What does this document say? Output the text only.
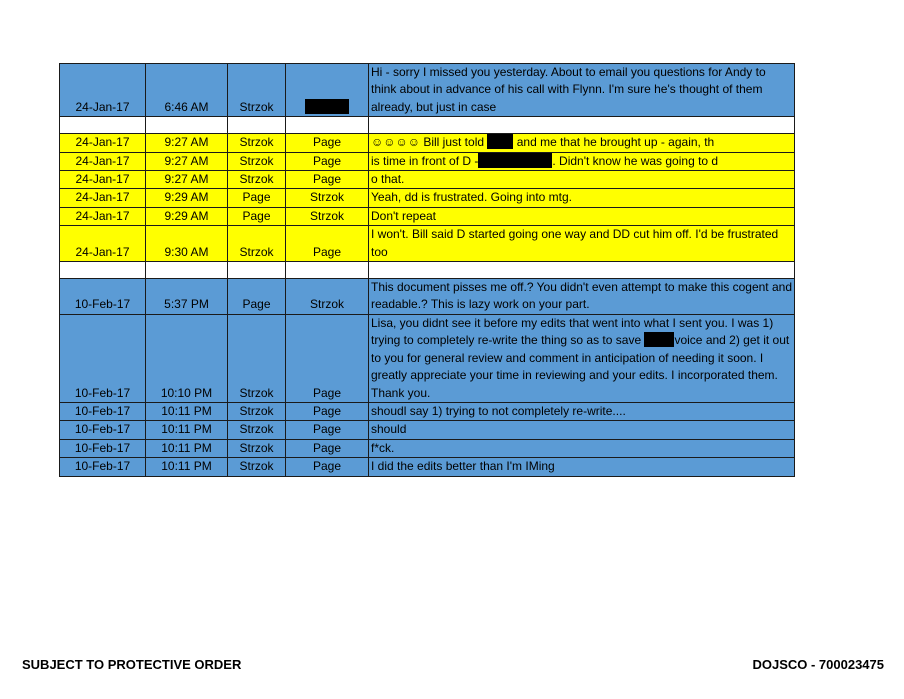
24-Jan-17	6:46 AM	Strzok		Hi - sorry I missed you yesterday. About to email you questions for Andy to think about in advance of his call with Flynn. I'm sure he's thought of them already, but just in case

24-Jan-17	9:27 AM	Strzok	Page	☺☺☺☺ Bill just told and me that he brought up - again, th
24-Jan-17	9:27 AM	Strzok	Page	is time in front of D - . Didn't know he was going to d
24-Jan-17	9:27 AM	Strzok	Page	o that.
24-Jan-17	9:29 AM	Page	Strzok	Yeah, dd is frustrated. Going into mtg.
24-Jan-17	9:29 AM	Page	Strzok	Don't repeat
24-Jan-17	9:30 AM	Strzok	Page	I won't. Bill said D started going one way and DD cut him off. I'd be frustrated too

10-Feb-17	5:37 PM	Page	Strzok	This document pisses me off.? You didn't even attempt to make this cogent and readable.? This is lazy work on your part.
10-Feb-17	10:10 PM	Strzok	Page	Lisa, you didnt see it before my edits that went into what I sent you. I was 1) trying to completely re-write the thing so as to save voice and 2) get it out to you for general review and comment in anticipation of needing it soon. I greatly appreciate your time in reviewing and your edits. I incorporated them. Thank you.
10-Feb-17	10:11 PM	Strzok	Page	shoudl say 1) trying to not completely re-write....
10-Feb-17	10:11 PM	Strzok	Page	should
10-Feb-17	10:11 PM	Strzok	Page	f*ck.
10-Feb-17	10:11 PM	Strzok	Page	I did the edits better than I'm IMing
SUBJECT TO PROTECTIVE ORDER	DOJSCO - 700023475
